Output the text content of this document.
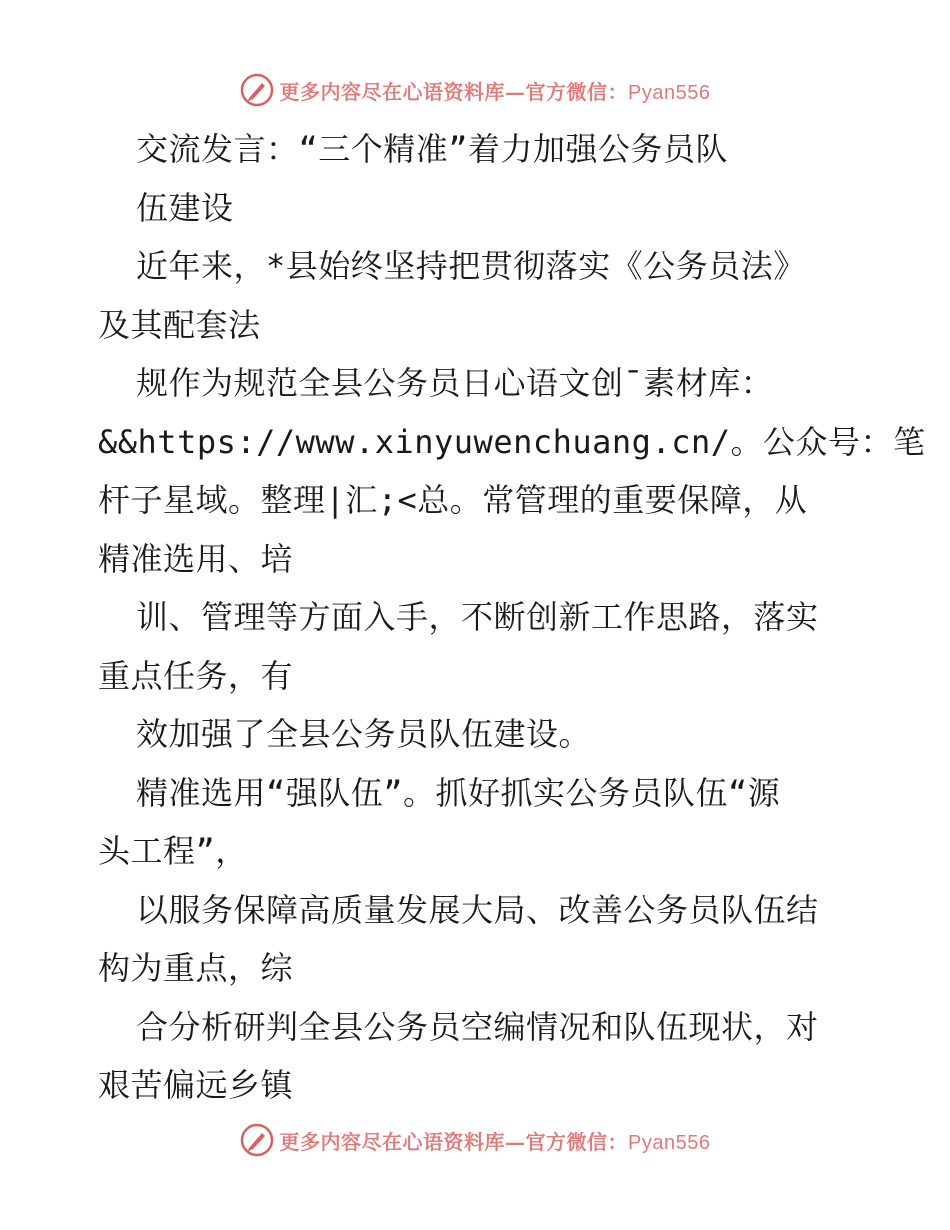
更多内容尽在心语资料库—官方微信：Pyan556
交流发言：“三个精准”着力加强公务员队
伍建设
近年来，*县始终坚持把贯彻落实《公务员法》
及其配套法
规作为规范全县公务员日心语文创¯素材库：
&&https://www.xinyuwenchuang.cn/。公众号：笔
杆子星域。整理|汇;<总。常管理的重要保障，从
精准选用、培
训、管理等方面入手，不断创新工作思路，落实
重点任务，有
效加强了全县公务员队伍建设。
精准选用“强队伍”。抓好抓实公务员队伍“源
头工程”，
以服务保障高质量发展大局、改善公务员队伍结
构为重点，综
合分析研判全县公务员空编情况和队伍现状，对
艰苦偏远乡镇
更多内容尽在心语资料库—官方微信：Pyan556
